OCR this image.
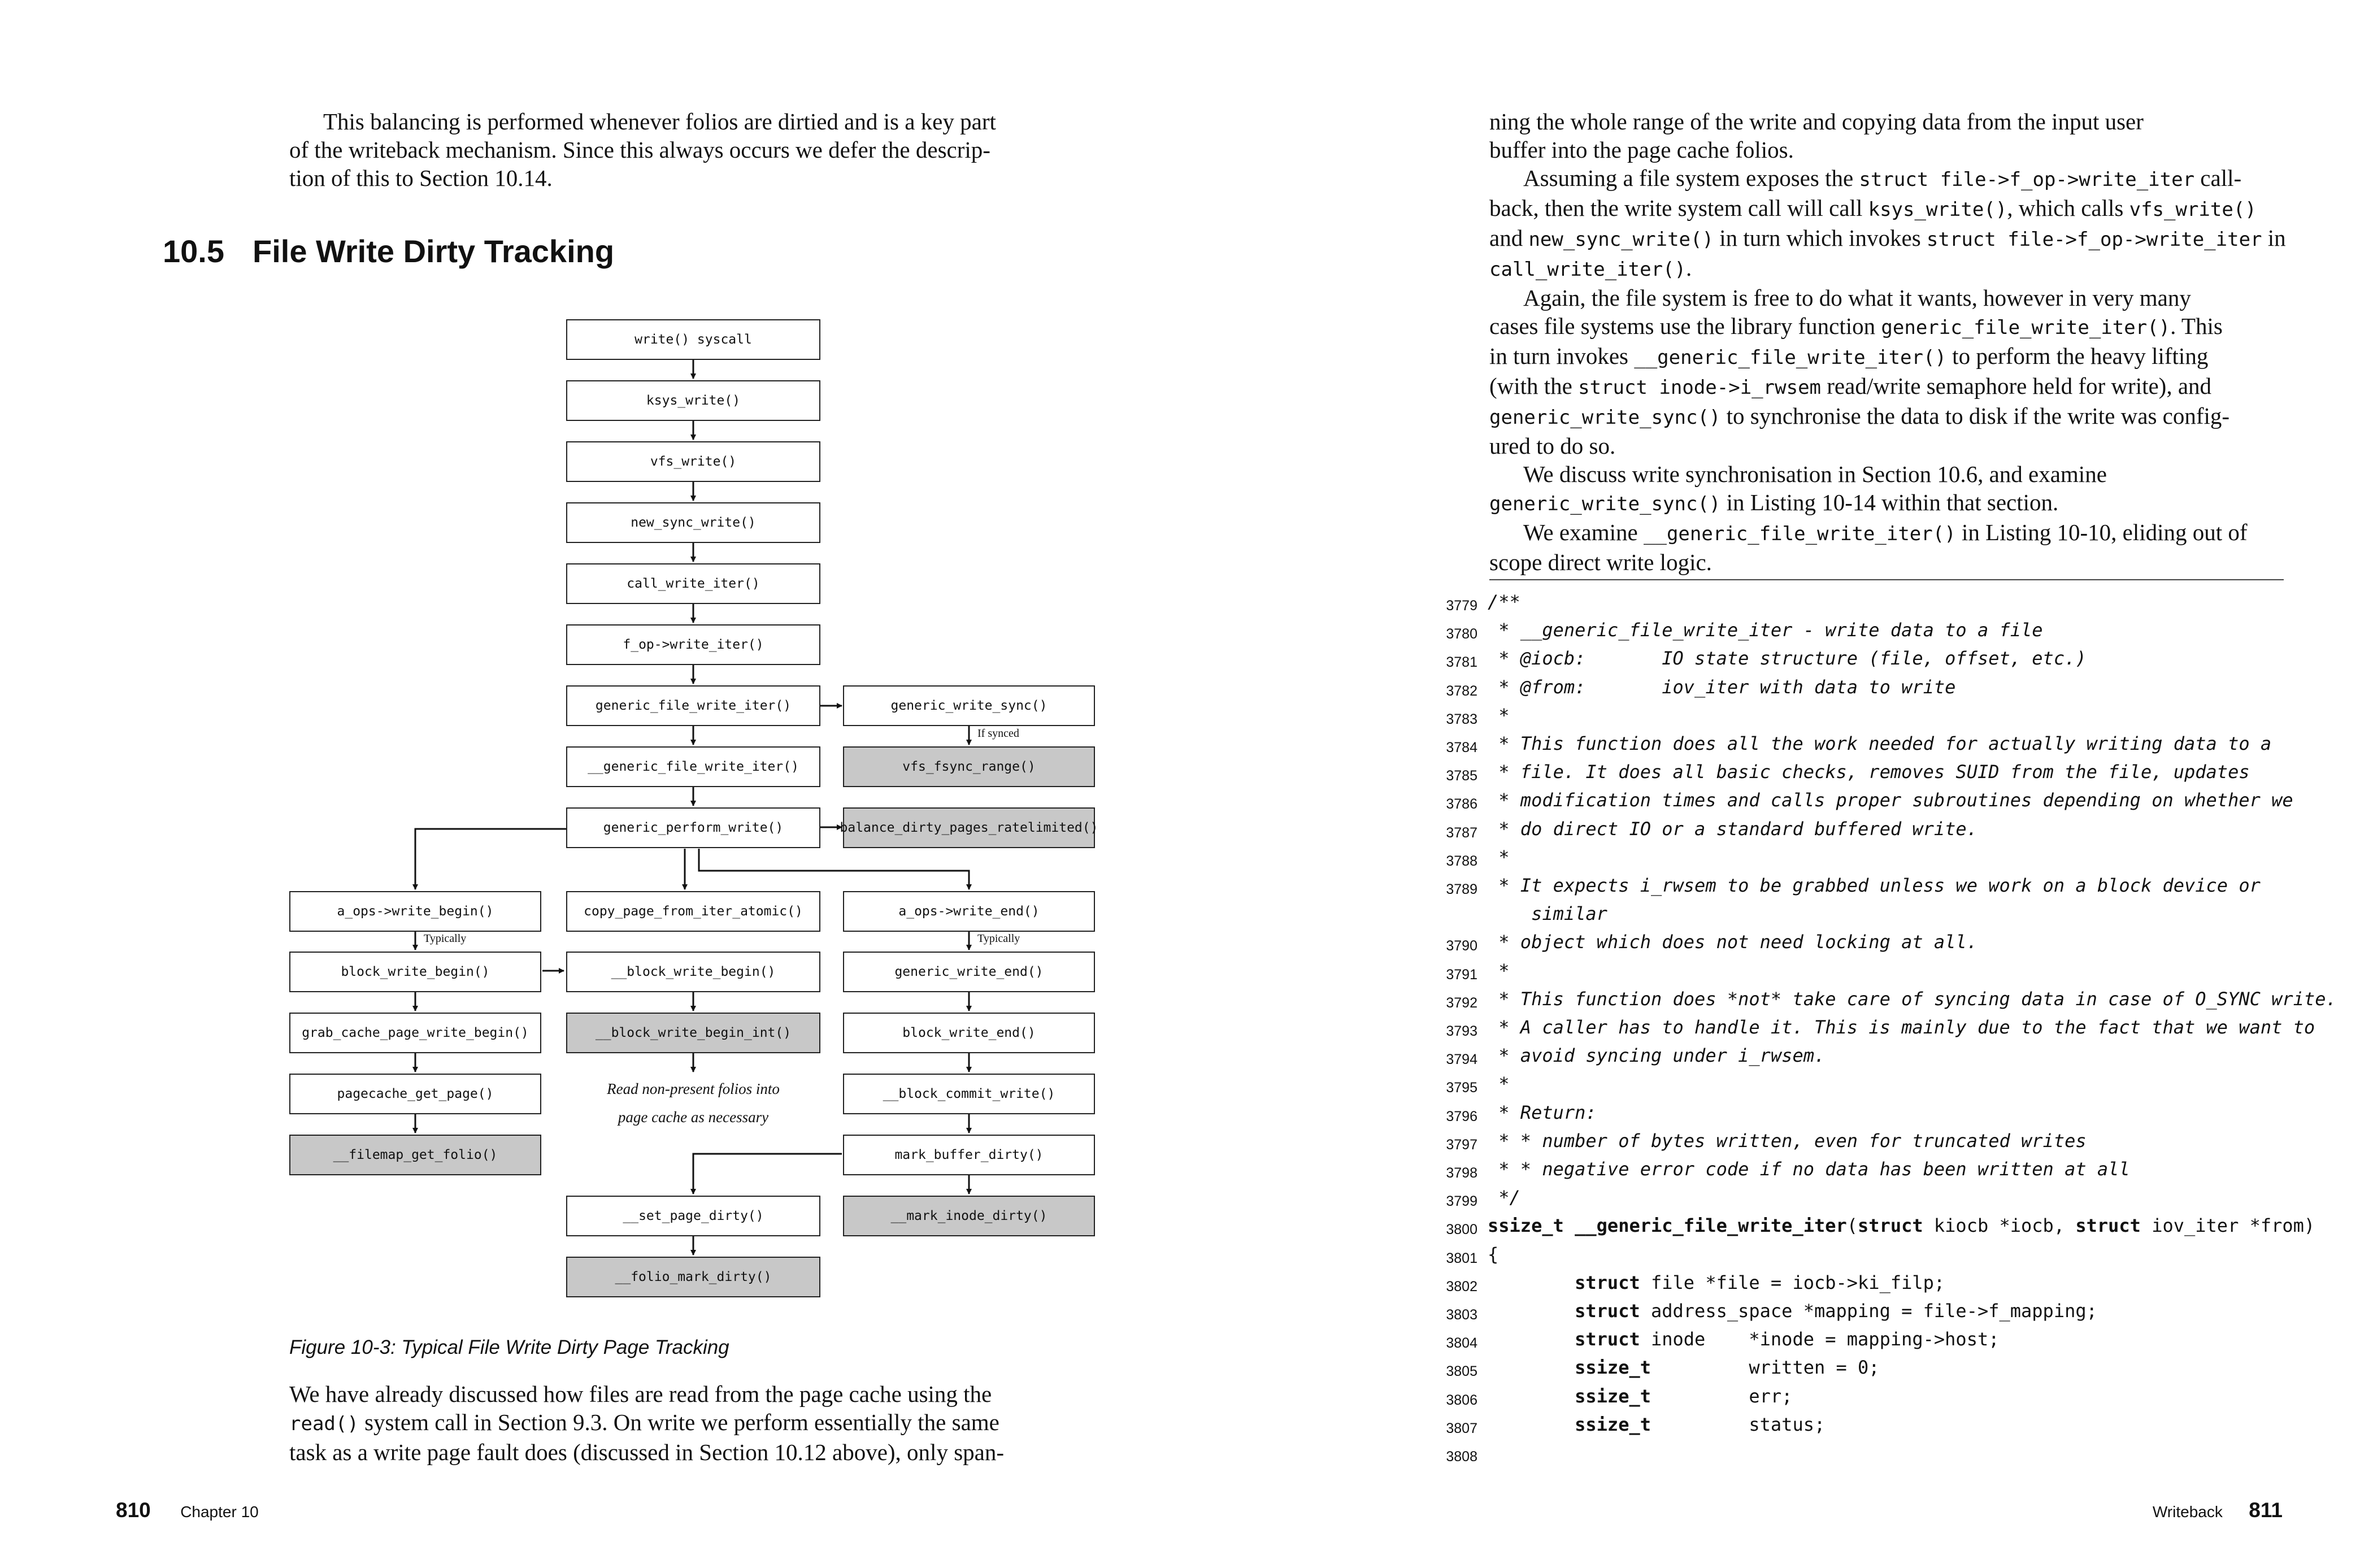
This balancing is performed whenever folios are dirtied and is a key part

of the writeback mechanism. Since this always occurs we defer the descrip-

tion of this to Section 10.14.

10.5 File Write Dirty Tracking
write() syscall
ksys_write()
vfs_write()
new_sync_write()
call_write_iter()
f_op->write_iter()
generic_file_write_iter()
__generic_file_write_iter()
generic_perform_write()
generic_write_sync()
vfs_fsync_range()
balance_dirty_pages_ratelimited()
a_ops->write_begin()	copy_page_from_iter_atomic()	a_ops->write_end()
block_write_begin()
grab_cache_page_write_begin()
pagecache_get_page()
__filemap_get_folio()
__block_write_begin()
__block_write_begin_int()
Read non-present folios into
page cache as necessary
__set_page_dirty()
__folio_mark_dirty()
generic_write_end()
block_write_end()
__block_commit_write()
mark_buffer_dirty()
__mark_inode_dirty()
If synced
Typically	Typically
Figure 10-3: Typical File Write Dirty Page Tracking

We have already discussed how files are read from the page cache using the

read() system call in Section 9.3. On write we perform essentially the same

task as a write page fault does (discussed in Section 10.12 above), only span-

810 Chapter 10

ning the whole range of the write and copying data from the input user

buffer into the page cache folios.

Assuming a file system exposes the struct file->f_op->write_iter call-

back, then the write system call will call ksys_write(), which calls vfs_write()

and new_sync_write() in turn which invokes struct file->f_op->write_iter in

call_write_iter().

Again, the file system is free to do what it wants, however in very many

cases file systems use the library function generic_file_write_iter(). This

in turn invokes __generic_file_write_iter() to perform the heavy lifting

(with the struct inode->i_rwsem read/write semaphore held for write), and

generic_write_sync() to synchronise the data to disk if the write was config-

ured to do so.

We discuss write synchronisation in Section 10.6, and examine

generic_write_sync() in Listing 10-14 within that section.

We examine __generic_file_write_iter() in Listing 10-10, eliding out of

scope direct write logic.

3779 /**
3780 * __generic_file_write_iter - write data to a file
3781 * @iocb:       IO state structure (file, offset, etc.)
3782 * @from:       iov_iter with data to write
3783 *
3784 * This function does all the work needed for actually writing data to a
3785 * file. It does all basic checks, removes SUID from the file, updates
3786 * modification times and calls proper subroutines depending on whether we
3787 * do direct IO or a standard buffered write.
3788 *
3789 * It expects i_rwsem to be grabbed unless we work on a block device or
similar
3790 * object which does not need locking at all.
3791 *
3792 * This function does *not* take care of syncing data in case of O_SYNC write.
3793 * A caller has to handle it. This is mainly due to the fact that we want to
3794 * avoid syncing under i_rwsem.
3795 *
3796 * Return:
3797 * * number of bytes written, even for truncated writes
3798 * * negative error code if no data has been written at all
3799 */
3800 ssize_t __generic_file_write_iter(struct kiocb *iocb, struct iov_iter *from)
3801 {
3802	struct file *file = iocb->ki_filp;
3803	struct address_space *mapping = file->f_mapping;
3804	struct inode    *inode = mapping->host;
3805	ssize_t         written = 0;
3806	ssize_t         err;
3807	ssize_t         status;
3808
Writeback 811
